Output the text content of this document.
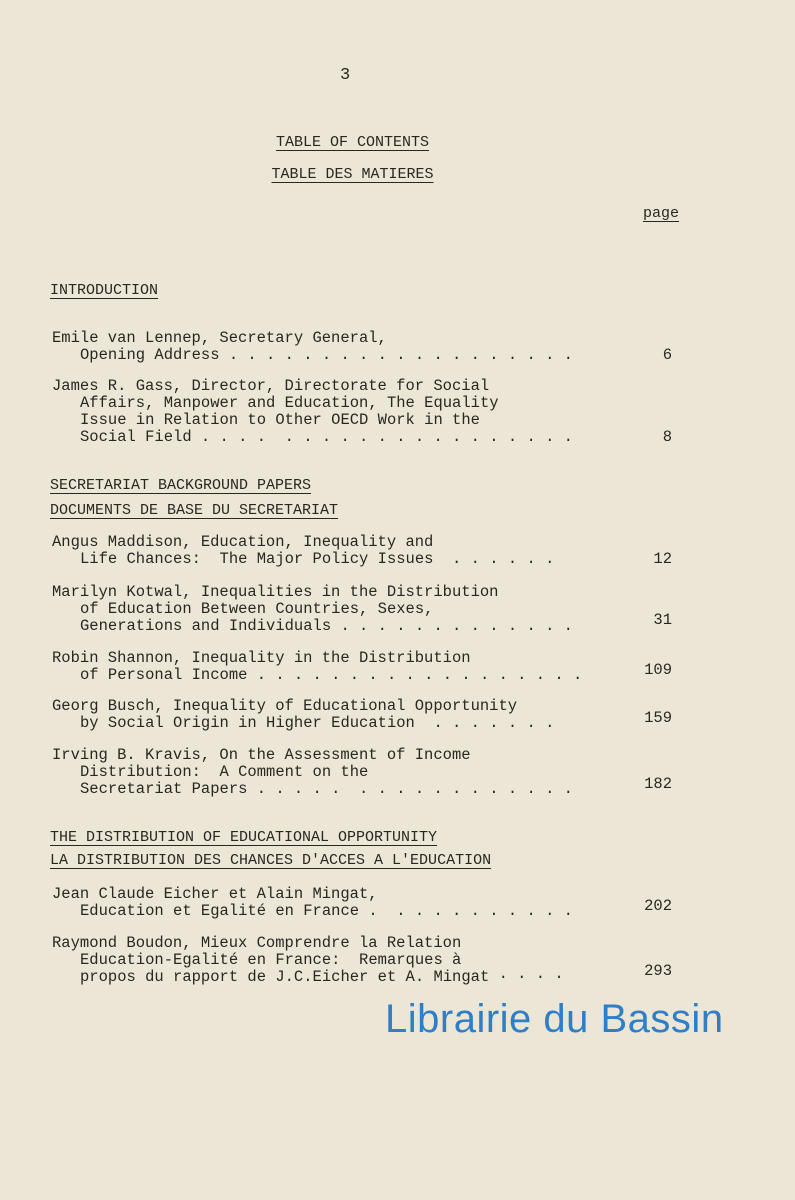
3
TABLE OF CONTENTS
TABLE DES MATIERES
page
INTRODUCTION
Emile van Lennep, Secretary General,
Opening Address . . . . . . . . . . . . . . . . . . .	6
James R. Gass, Director, Directorate for Social
Affairs, Manpower and Education, The Equality
Issue in Relation to Other OECD Work in the
Social Field . . . .  . . . . . . . . . . . . . . . .	8
SECRETARIAT BACKGROUND PAPERS
DOCUMENTS DE BASE DU SECRETARIAT
Angus Maddison, Education, Inequality and
Life Chances:  The Major Policy Issues  . . . . . .	12
Marilyn Kotwal, Inequalities in the Distribution
of Education Between Countries, Sexes,
Generations and Individuals . . . . . . . . . . . . .	31
Robin Shannon, Inequality in the Distribution
of Personal Income . . . . . . . . . . . . . . . . . .	109
Georg Busch, Inequality of Educational Opportunity
by Social Origin in Higher Education  . . . . . . .	159
Irving B. Kravis, On the Assessment of Income
Distribution:  A Comment on the
Secretariat Papers . . . . .  . . . . . . . . . . . .	182
THE DISTRIBUTION OF EDUCATIONAL OPPORTUNITY
LA DISTRIBUTION DES CHANCES D'ACCES A L'EDUCATION
Jean Claude Eicher et Alain Mingat,
Education et Egalité en France .  . . . . . . . . . .	202
Raymond Boudon, Mieux Comprendre la Relation
Education-Egalité en France:  Remarques à
propos du rapport de J.C.Eicher et A. Mingat · · · ·	293
Librairie du Bassin
